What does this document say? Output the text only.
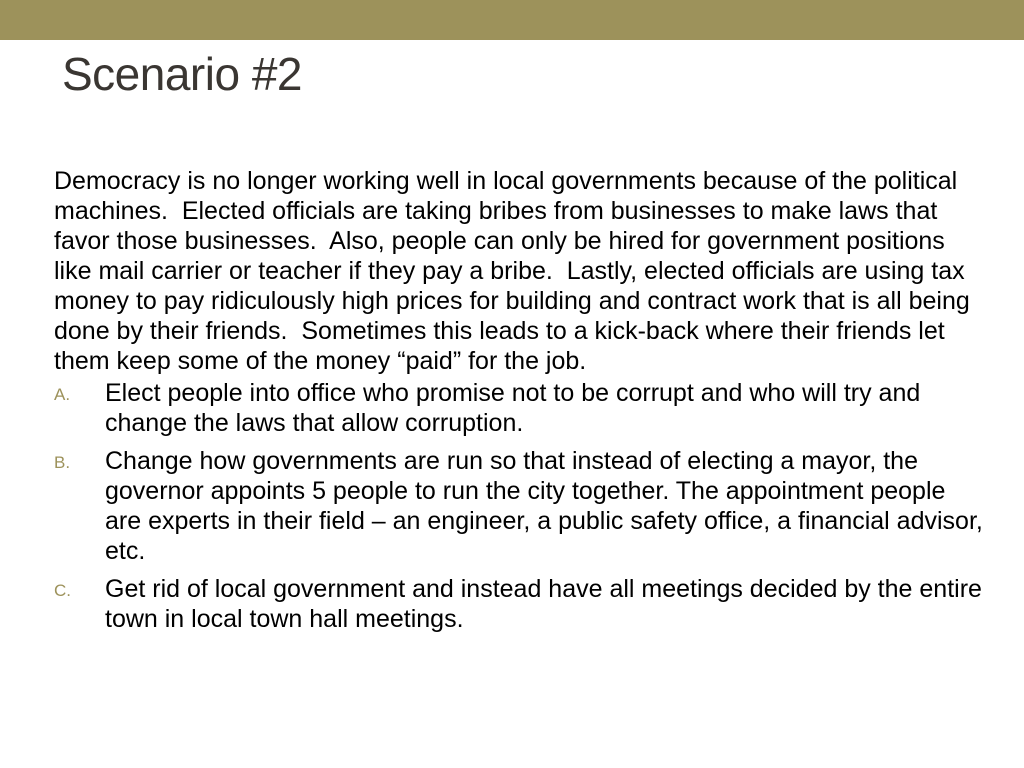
Scenario #2

Democracy is no longer working well in local governments because of the political machines.  Elected officials are taking bribes from businesses to make laws that favor those businesses.  Also, people can only be hired for government positions like mail carrier or teacher if they pay a bribe.  Lastly, elected officials are using tax money to pay ridiculously high prices for building and contract work that is all being done by their friends.  Sometimes this leads to a kick-back where their friends let them keep some of the money “paid” for the job.

A. Elect people into office who promise not to be corrupt and who will try and change the laws that allow corruption.
B. Change how governments are run so that instead of electing a mayor, the governor appoints 5 people to run the city together. The appointment people are experts in their field – an engineer, a public safety office, a financial advisor, etc.
C. Get rid of local government and instead have all meetings decided by the entire town in local town hall meetings.
